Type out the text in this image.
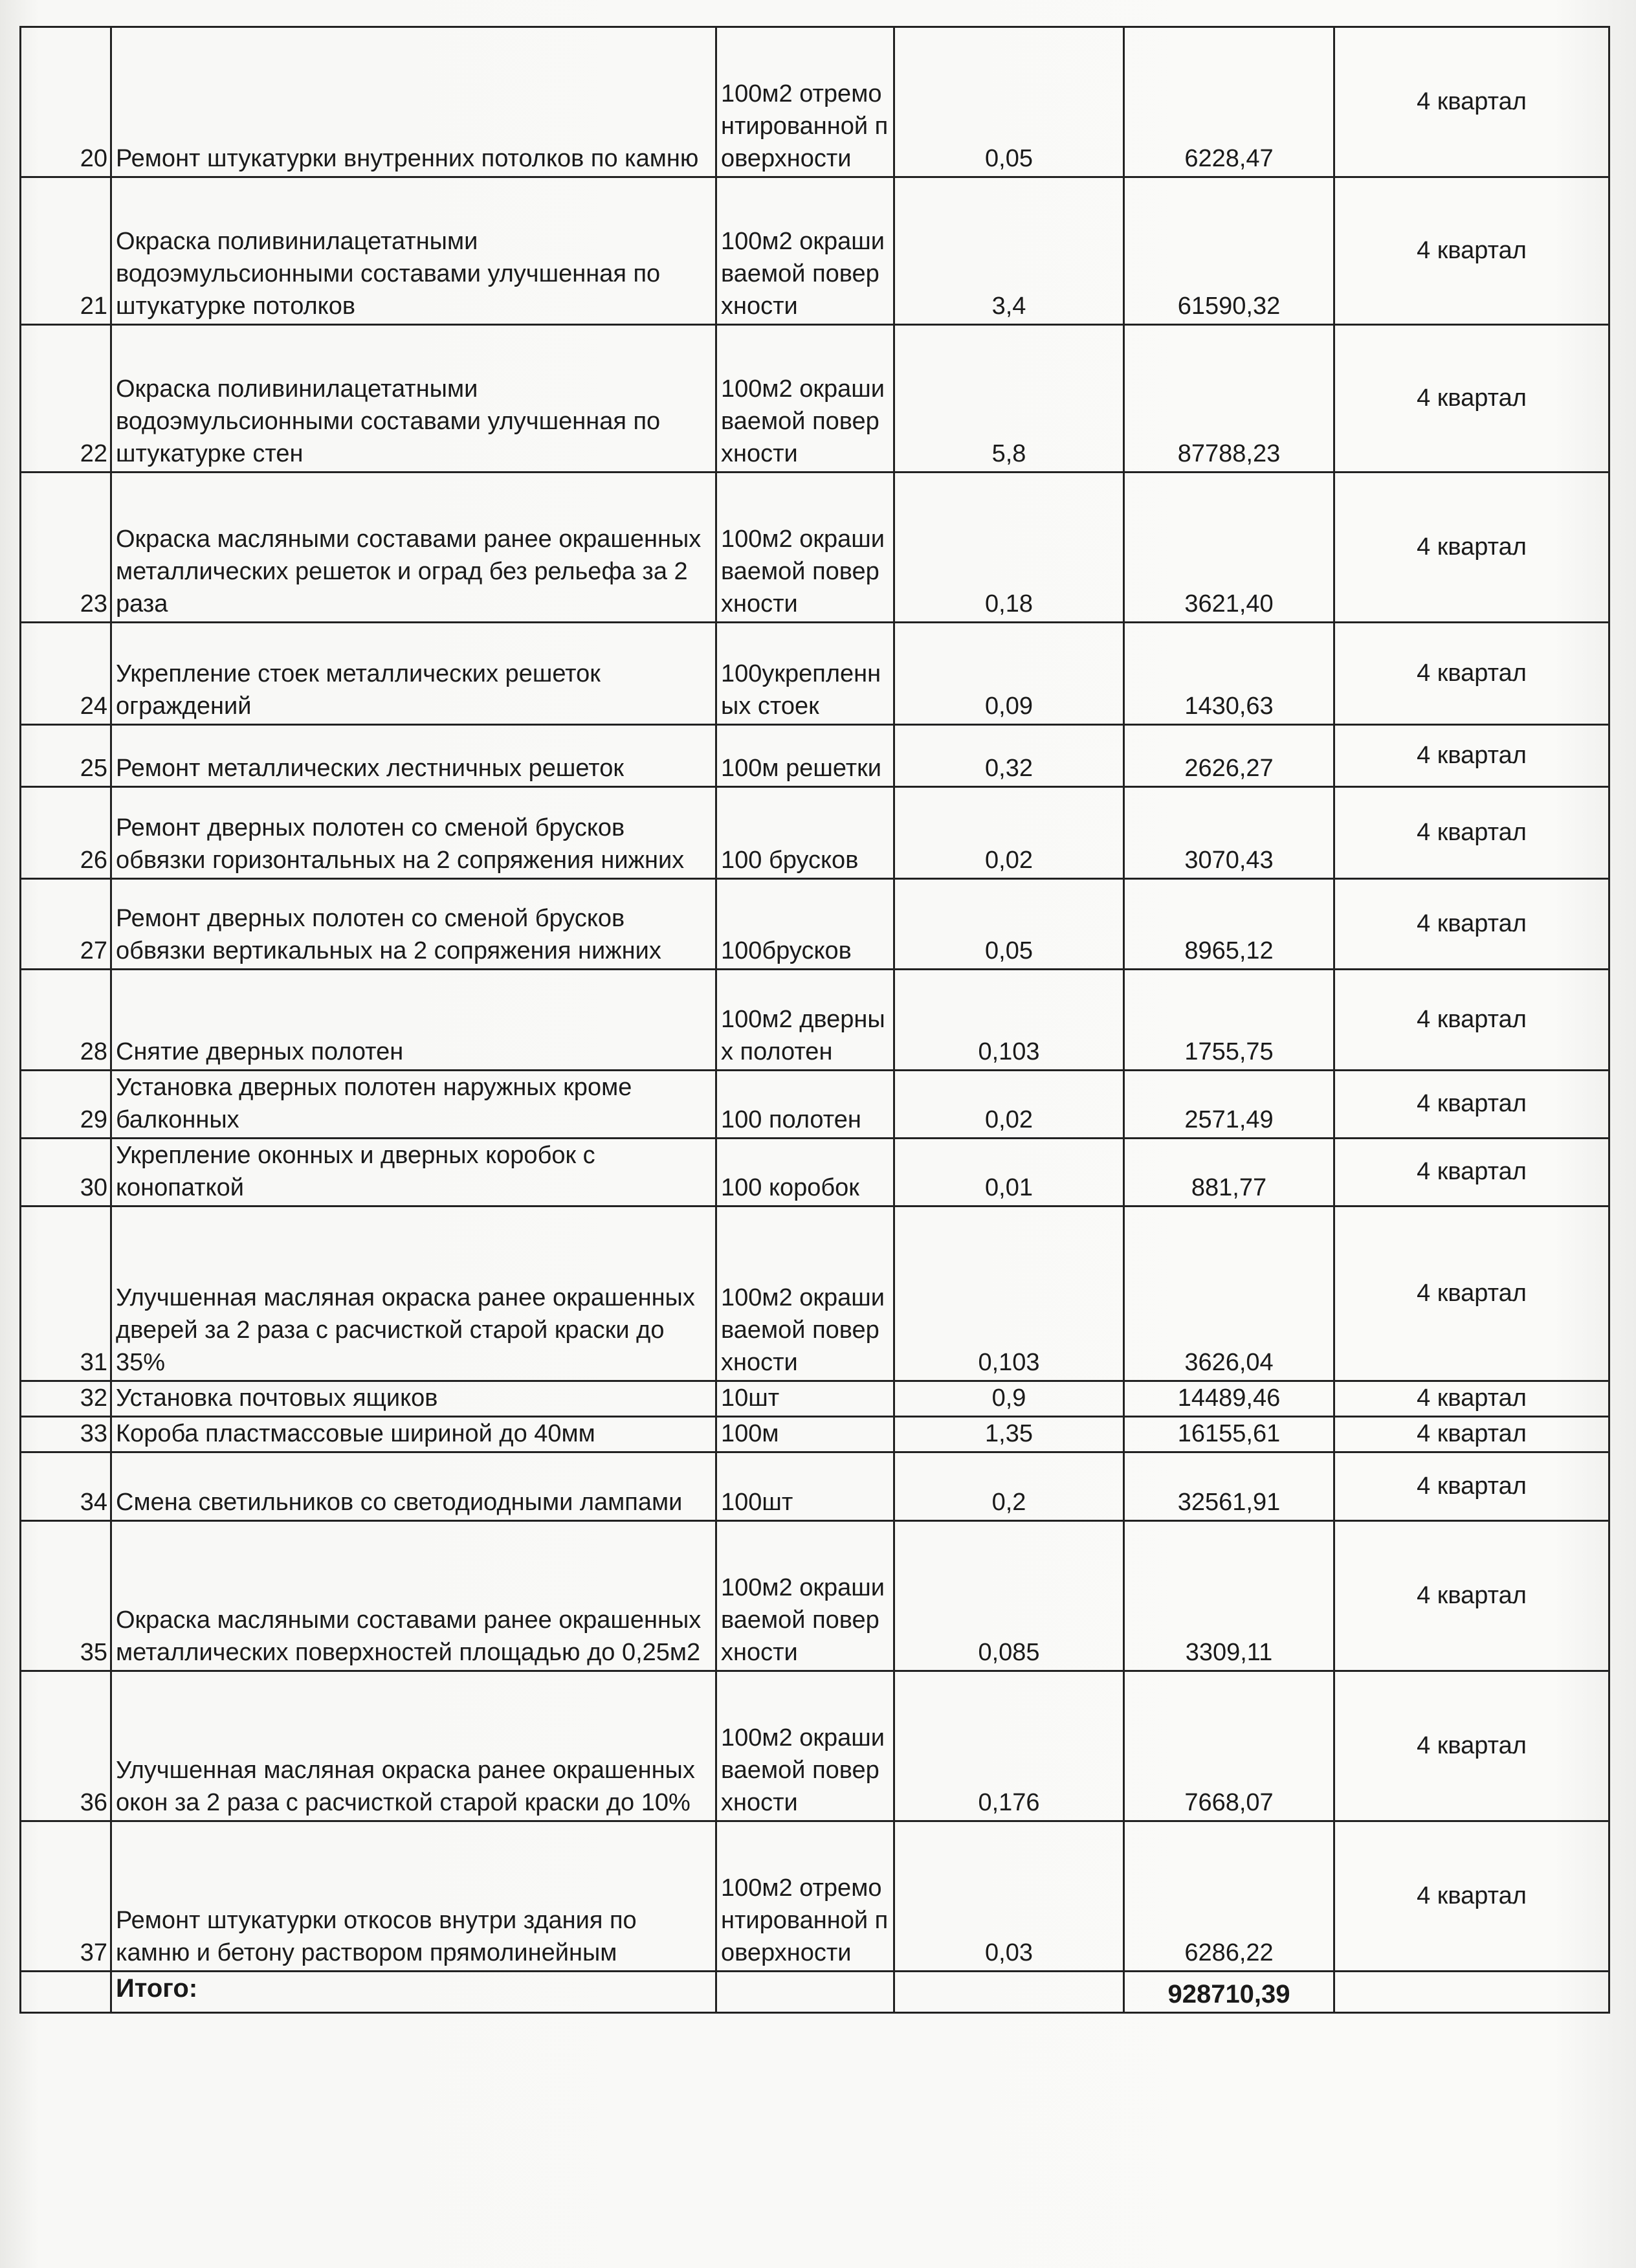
20	Ремонт штукатурки внутренних потолков по камню	100м2 отремонтированной поверхности	0,05	6228,47	4 квартал
21	Окраска поливинилацетатными водоэмульсионными составами улучшенная по штукатурке потолков	100м2 окрашиваемой поверхности	3,4	61590,32	4 квартал
22	Окраска поливинилацетатными водоэмульсионными составами улучшенная по штукатурке стен	100м2 окрашиваемой поверхности	5,8	87788,23	4 квартал
23	Окраска масляными составами ранее окрашенных металлических решеток и оград без рельефа за 2 раза	100м2 окрашиваемой поверхности	0,18	3621,40	4 квартал
24	Укрепление стоек металлических решеток ограждений	100укрепленных стоек	0,09	1430,63	4 квартал
25	Ремонт металлических лестничных решеток	100м решетки	0,32	2626,27	4 квартал
26	Ремонт дверных полотен со сменой брусков обвязки горизонтальных на 2 сопряжения нижних	100 брусков	0,02	3070,43	4 квартал
27	Ремонт дверных полотен со сменой брусков обвязки вертикальных на 2 сопряжения нижних	100брусков	0,05	8965,12	4 квартал
28	Снятие дверных полотен	100м2 дверных полотен	0,103	1755,75	4 квартал
29	Установка дверных полотен наружных кроме балконных	100 полотен	0,02	2571,49	4 квартал
30	Укрепление оконных и дверных коробок с конопаткой	100 коробок	0,01	881,77	4 квартал
31	Улучшенная масляная окраска ранее окрашенных дверей за 2 раза с расчисткой старой краски до 35%	100м2 окрашиваемой поверхности	0,103	3626,04	4 квартал
32	Установка почтовых ящиков	10шт	0,9	14489,46	4 квартал
33	Короба пластмассовые шириной до 40мм	100м	1,35	16155,61	4 квартал
34	Смена светильников со светодиодными лампами	100шт	0,2	32561,91	4 квартал
35	Окраска масляными составами ранее окрашенных металлических поверхностей площадью до 0,25м2	100м2 окрашиваемой поверхности	0,085	3309,11	4 квартал
36	Улучшенная масляная окраска ранее окрашенных окон за 2 раза с расчисткой старой краски до 10%	100м2 окрашиваемой поверхности	0,176	7668,07	4 квартал
37	Ремонт штукатурки откосов внутри здания по камню и бетону раствором прямолинейным	100м2 отремонтированной поверхности	0,03	6286,22	4 квартал
	Итого:			928710,39	
